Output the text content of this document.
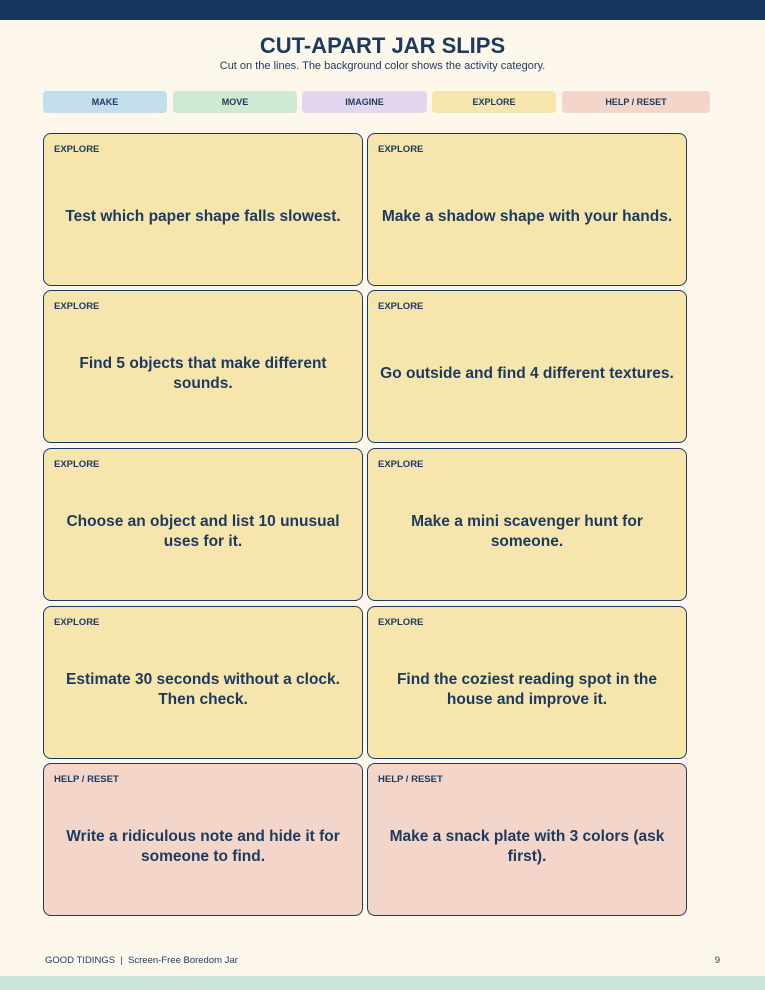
CUT-APART JAR SLIPS
Cut on the lines. The background color shows the activity category.
MAKE	MOVE	IMAGINE	EXPLORE	HELP / RESET
EXPLORE
Test which paper shape falls slowest.
EXPLORE
Make a shadow shape with your hands.
EXPLORE
Find 5 objects that make different sounds.
EXPLORE
Go outside and find 4 different textures.
EXPLORE
Choose an object and list 10 unusual uses for it.
EXPLORE
Make a mini scavenger hunt for someone.
EXPLORE
Estimate 30 seconds without a clock. Then check.
EXPLORE
Find the coziest reading spot in the house and improve it.
HELP / RESET
Write a ridiculous note and hide it for someone to find.
HELP / RESET
Make a snack plate with 3 colors (ask first).
GOOD TIDINGS  |  Screen-Free Boredom Jar	9
